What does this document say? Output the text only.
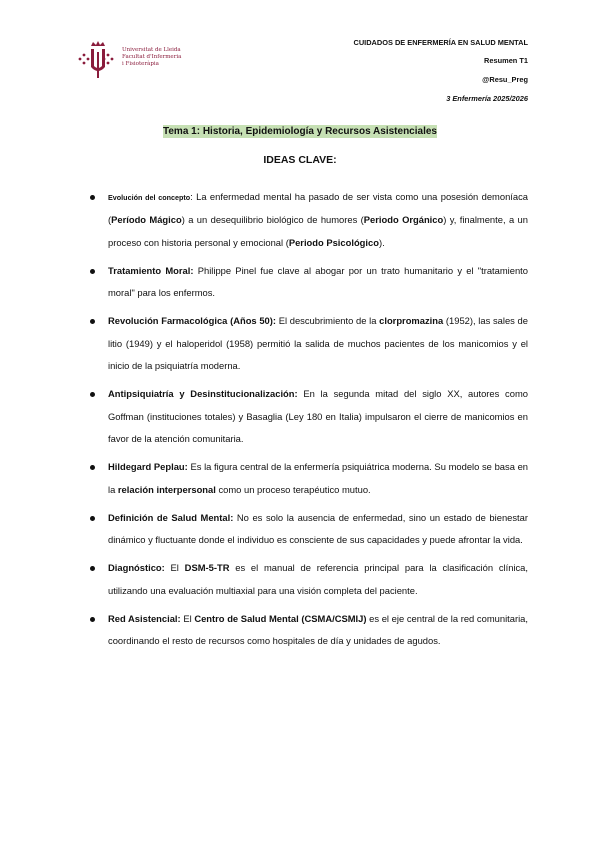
Universitat de Lleida
Facultat d'Infermeria
i Fisioteràpia
CUIDADOS DE ENFERMERÍA EN SALUD MENTAL
Resumen T1
@Resu_Preg
3 Enfermería 2025/2026
Tema 1: Historia, Epidemiología y Recursos Asistenciales
IDEAS CLAVE:
Evolución del concepto: La enfermedad mental ha pasado de ser vista como una posesión demoníaca (Período Mágico) a un desequilibrio biológico de humores (Periodo Orgánico) y, finalmente, a un proceso con historia personal y emocional (Periodo Psicológico).
Tratamiento Moral: Philippe Pinel fue clave al abogar por un trato humanitario y el "tratamiento moral" para los enfermos.
Revolución Farmacológica (Años 50): El descubrimiento de la clorpromazina (1952), las sales de litio (1949) y el haloperidol (1958) permitió la salida de muchos pacientes de los manicomios y el inicio de la psiquiatría moderna.
Antipsiquiatría y Desinstitucionalización: En la segunda mitad del siglo XX, autores como Goffman (instituciones totales) y Basaglia (Ley 180 en Italia) impulsaron el cierre de manicomios en favor de la atención comunitaria.
Hildegard Peplau: Es la figura central de la enfermería psiquiátrica moderna. Su modelo se basa en la relación interpersonal como un proceso terapéutico mutuo.
Definición de Salud Mental: No es solo la ausencia de enfermedad, sino un estado de bienestar dinámico y fluctuante donde el individuo es consciente de sus capacidades y puede afrontar la vida.
Diagnóstico: El DSM-5-TR es el manual de referencia principal para la clasificación clínica, utilizando una evaluación multiaxial para una visión completa del paciente.
Red Asistencial: El Centro de Salud Mental (CSMA/CSMIJ) es el eje central de la red comunitaria, coordinando el resto de recursos como hospitales de día y unidades de agudos.
